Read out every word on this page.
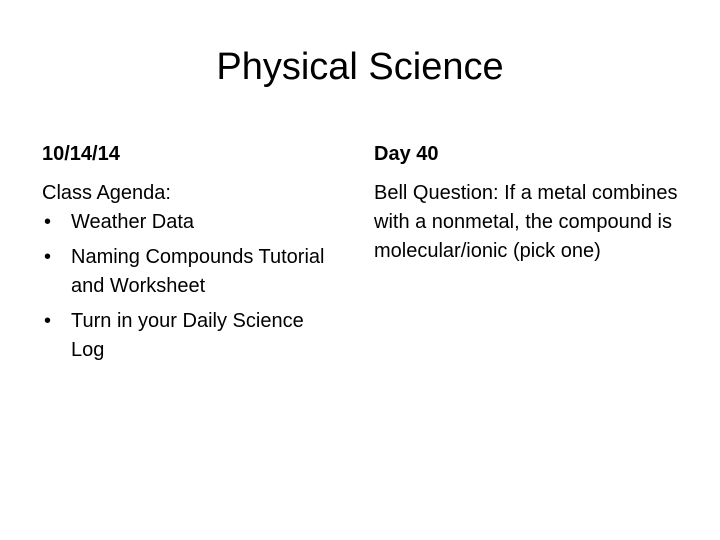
Physical Science
10/14/14

Class Agenda:

• Weather Data
• Naming Compounds Tutorial and Worksheet
• Turn in your Daily Science Log
Day 40

Bell Question: If a metal combines with a nonmetal, the compound is molecular/ionic (pick one)
